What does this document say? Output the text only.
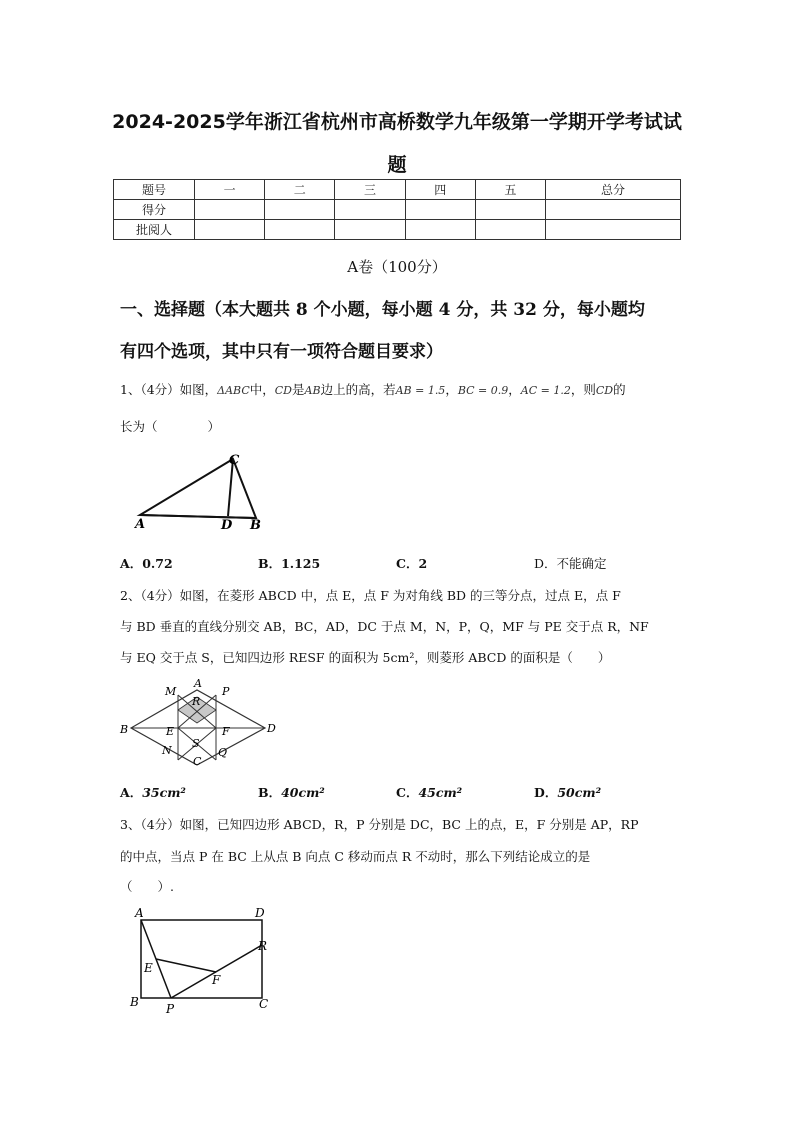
2024-2025学年浙江省杭州市高桥数学九年级第一学期开学考试试
题
题号	一	二	三	四	五	总分
得分						
批阅人						
A卷（100分）
一、选择题（本大题共 8 个小题，每小题 4 分，共 32 分，每小题均
有四个选项，其中只有一项符合题目要求）
1、（4分）如图，ΔABC中，CD是AB边上的高，若AB = 1.5，BC = 0.9，AC = 1.2，则CD的
长为（　　　　）
A	D B
C
A．0.72	B．1.125	C．2	D．不能确定
2、（4分）如图，在菱形 ABCD 中，点 E，点 F 为对角线 BD 的三等分点，过点 E，点 F
与 BD 垂直的直线分别交 AB，BC，AD，DC 于点 M，N，P，Q，MF 与 PE 交于点 R，NF
与 EQ 交于点 S，已知四边形 RESF 的面积为 5cm²，则菱形 ABCD 的面积是（　　）
B	D
A
C
M	P
N	Q
E	F
R
S
A．35cm²	B．40cm²	C．45cm²	D．50cm²
3、（4分）如图，已知四边形 ABCD，R，P 分别是 DC，BC 上的点，E，F 分别是 AP，RP
的中点，当点 P 在 BC 上从点 B 向点 C 移动而点 R 不动时，那么下列结论成立的是
（　　）.
A	D
B	C
P
R
E
F
